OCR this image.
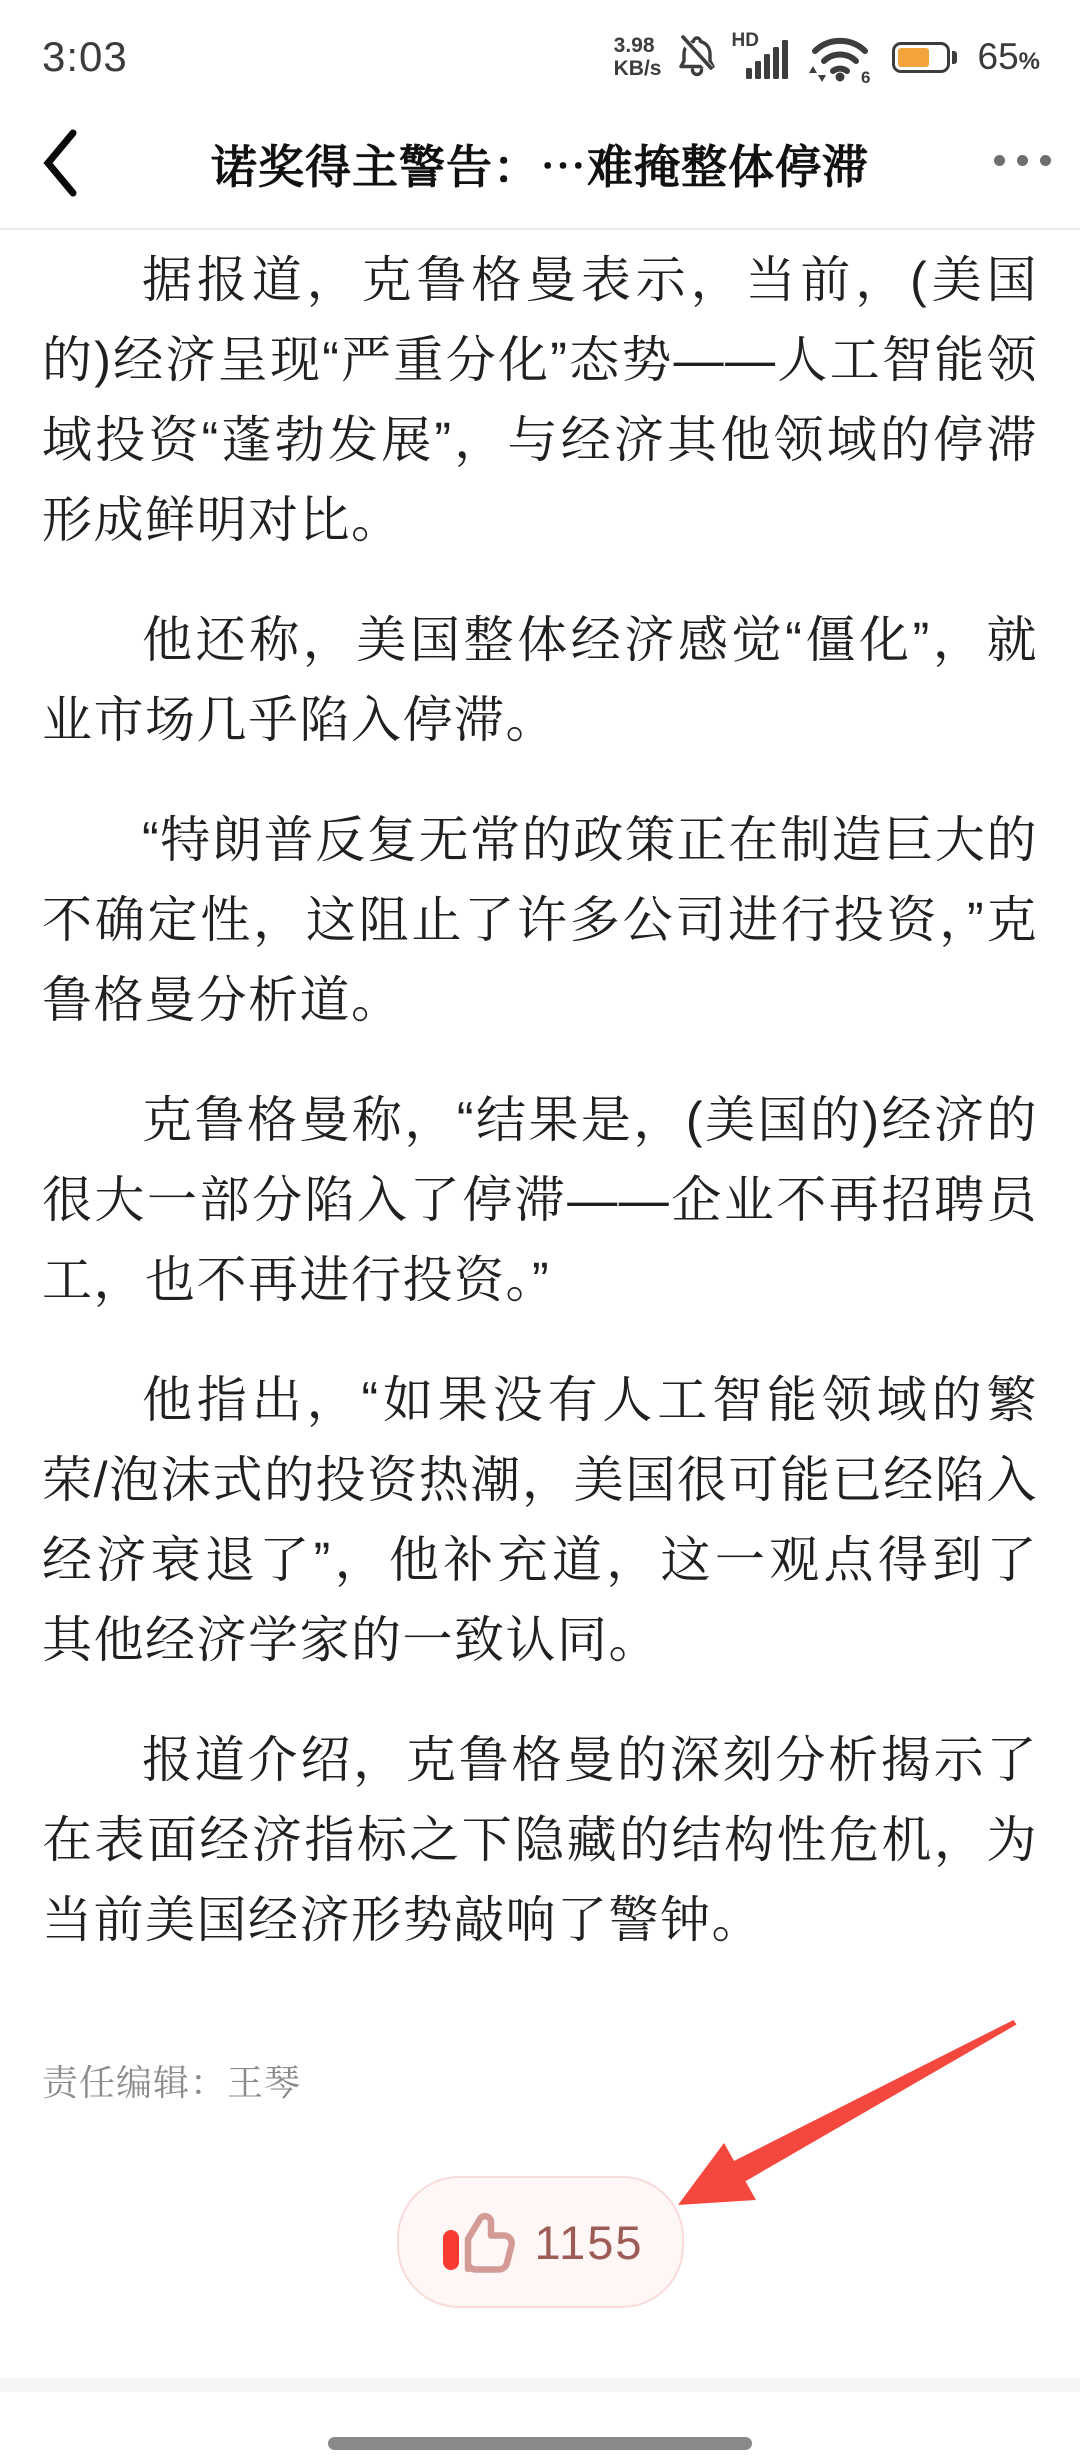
3:03	3.98
KB/s
HD
6	65%
诺奖得主警告：⋯难掩整体停滞

据报道，克鲁格曼表示，当前，(美国的)经济呈现“严重分化”态势——人工智能领域投资“蓬勃发展”，与经济其他领域的停滞形成鲜明对比。

他还称，美国整体经济感觉“僵化”，就业市场几乎陷入停滞。

“特朗普反复无常的政策正在制造巨大的不确定性，这阻止了许多公司进行投资，”克鲁格曼分析道。

克鲁格曼称，“结果是，(美国的)经济的很大一部分陷入了停滞——企业不再招聘员工，也不再进行投资。”

他指出，“如果没有人工智能领域的繁荣/泡沫式的投资热潮，美国很可能已经陷入经济衰退了”，他补充道，这一观点得到了其他经济学家的一致认同。

报道介绍，克鲁格曼的深刻分析揭示了在表面经济指标之下隐藏的结构性危机，为当前美国经济形势敲响了警钟。

责任编辑：王琴
1155
